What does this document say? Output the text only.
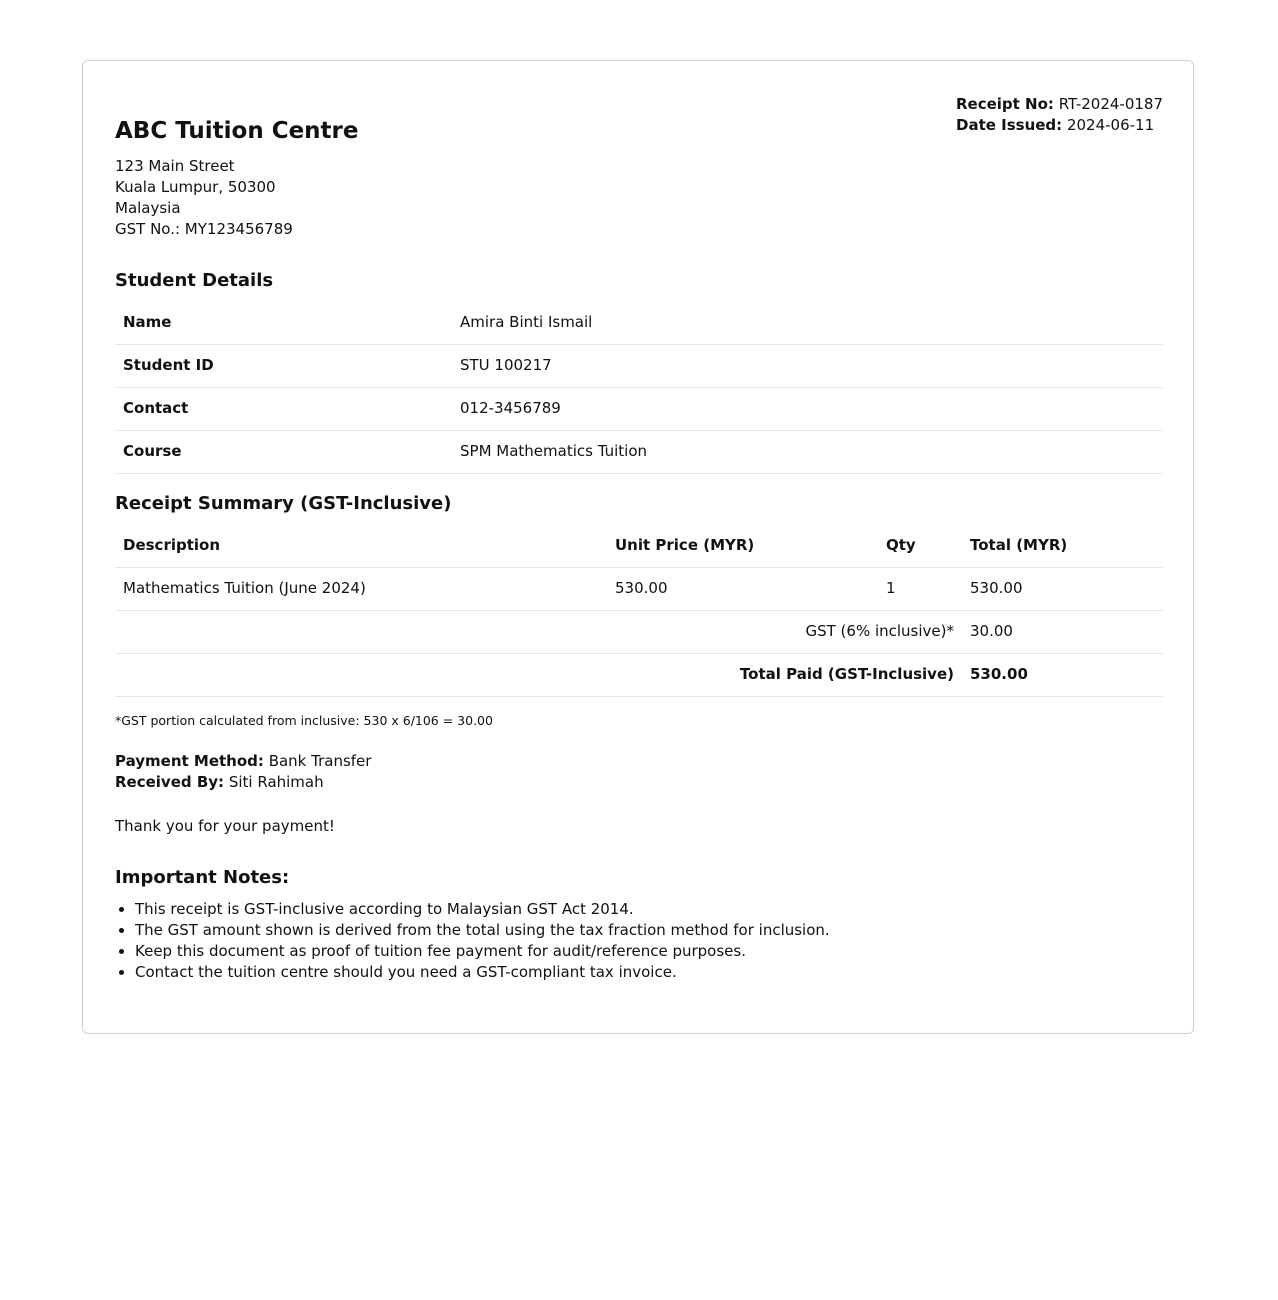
ABC Tuition Centre
123 Main Street
Kuala Lumpur, 50300
Malaysia
GST No.: MY123456789
Receipt No: RT-2024-0187
Date Issued: 2024-06-11
Student Details
Name	Amira Binti Ismail
Student ID	STU 100217
Contact	012-3456789
Course	SPM Mathematics Tuition
Receipt Summary (GST-Inclusive)
Description	Unit Price (MYR)	Qty	Total (MYR)
Mathematics Tuition (June 2024)	530.00	1	530.00
GST (6% inclusive)* 30.00
Total Paid (GST-Inclusive) 530.00
*GST portion calculated from inclusive: 530 x 6/106 = 30.00
Payment Method: Bank Transfer
Received By: Siti Rahimah
Thank you for your payment!
Important Notes:
• This receipt is GST-inclusive according to Malaysian GST Act 2014.
• The GST amount shown is derived from the total using the tax fraction method for inclusion.
• Keep this document as proof of tuition fee payment for audit/reference purposes.
• Contact the tuition centre should you need a GST-compliant tax invoice.
